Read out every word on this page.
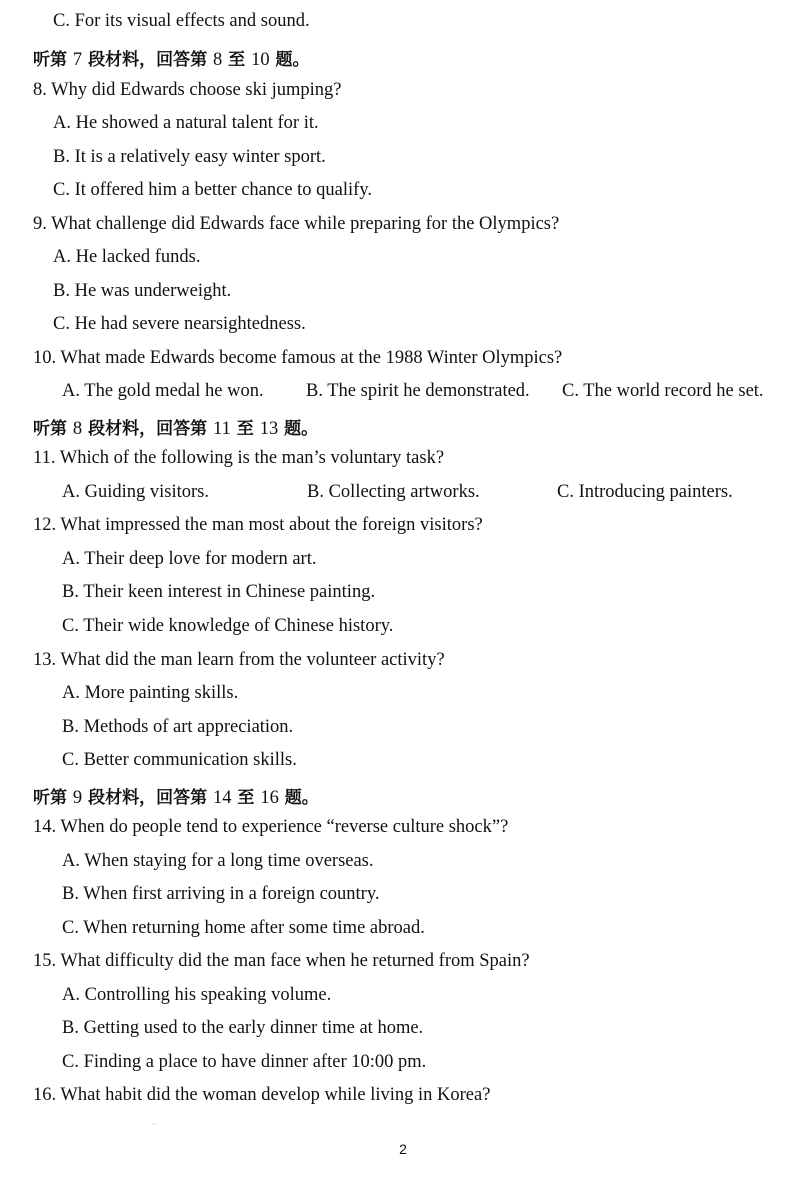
C. For its visual effects and sound.
听第 7 段材料，回答第 8 至 10 题。
8. Why did Edwards choose ski jumping?
A. He showed a natural talent for it.
B. It is a relatively easy winter sport.
C. It offered him a better chance to qualify.
9. What challenge did Edwards face while preparing for the Olympics?
A. He lacked funds.
B. He was underweight.
C. He had severe nearsightedness.
10. What made Edwards become famous at the 1988 Winter Olympics?
A. The gold medal he won. B. The spirit he demonstrated. C. The world record he set.
听第 8 段材料，回答第 11 至 13 题。
11. Which of the following is the man’s voluntary task?
A. Guiding visitors.	B. Collecting artworks.	C. Introducing painters.
12. What impressed the man most about the foreign visitors?
A. Their deep love for modern art.
B. Their keen interest in Chinese painting.
C. Their wide knowledge of Chinese history.
13. What did the man learn from the volunteer activity?
A. More painting skills.
B. Methods of art appreciation.
C. Better communication skills.
听第 9 段材料，回答第 14 至 16 题。
14. When do people tend to experience “reverse culture shock”?
A. When staying for a long time overseas.
B. When first arriving in a foreign country.
C. When returning home after some time abroad.
15. What difficulty did the man face when he returned from Spain?
A. Controlling his speaking volume.
B. Getting used to the early dinner time at home.
C. Finding a place to have dinner after 10:00 pm.
16. What habit did the woman develop while living in Korea?
~
2
